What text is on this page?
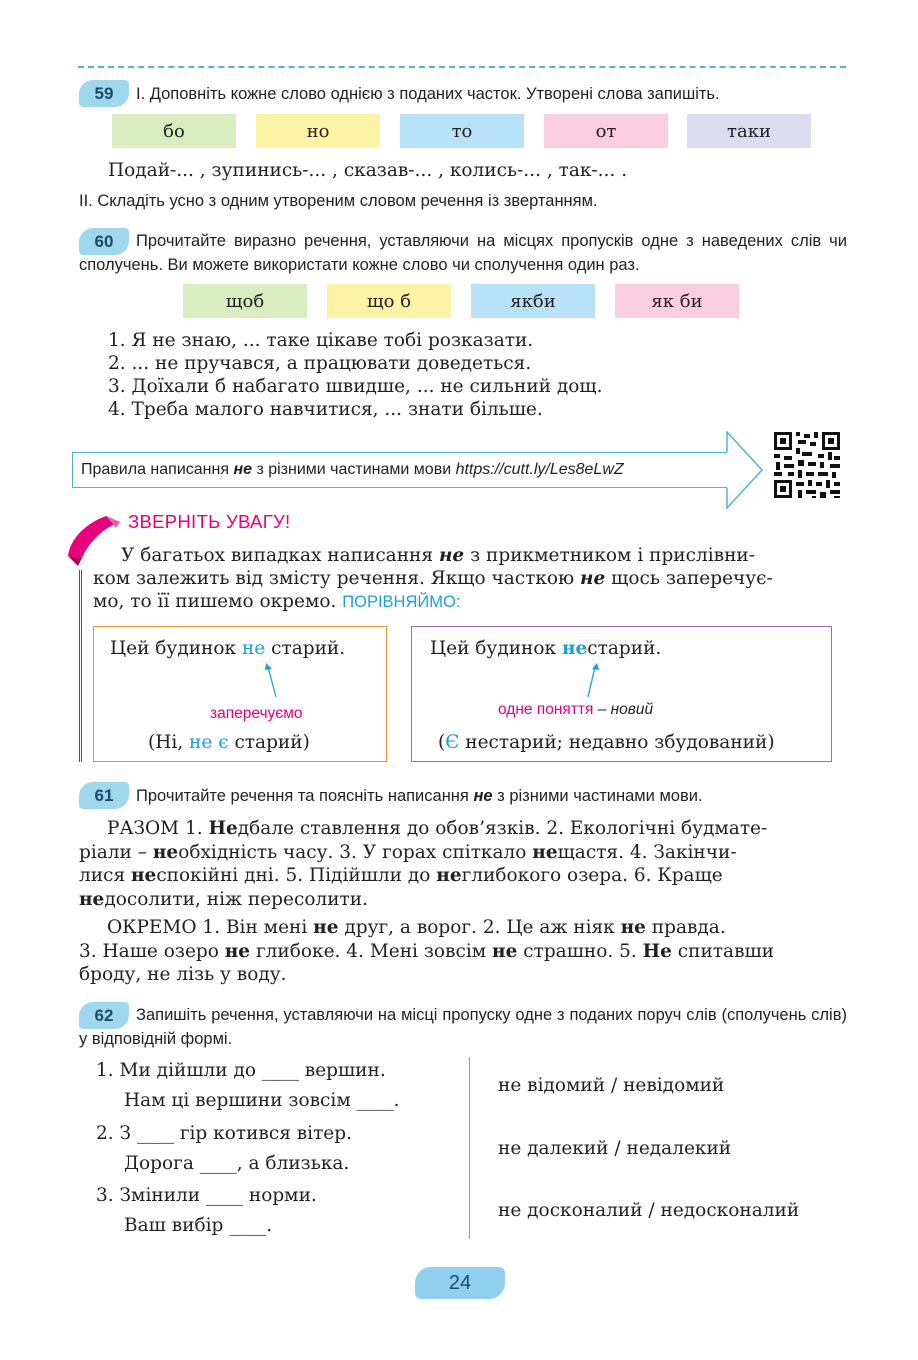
59	І. Доповніть кожне слово однією з поданих часток. Утворені слова запишіть.
бо	но	то	от	таки
Подай-... , зупинись-... , сказав-... , колись-... , так-... .
ІІ. Складіть усно з одним утвореним словом речення із звертанням.
60	Прочитайте виразно речення, уставляючи на місцях пропусків одне з наведених слів чи сполучень. Ви можете використати кожне слово чи сполучення один раз.
щоб	що б	якби	як би
1. Я не знаю, ... таке цікаве тобі розказати.
2. ... не пручався, а працювати доведеться.
3. Доїхали б набагато швидше, ... не сильний дощ.
4. Треба малого навчитися, ... знати більше.
Правила написання не з різними частинами мови https://cutt.ly/Les8eLwZ
ЗВЕРНІТЬ УВАГУ!
У багатьох випадках написання не з прикметником і прислівни-
ком залежить від змісту речення. Якщо часткою не щось заперечує-
мо, то її пишемо окремо. ПОРІВНЯЙМО:
Цей будинок не старий.
заперечуємо
(Ні, не є старий)
Цей будинок нестарий.
одне поняття – новий
(Є нестарий; недавно збудований)
61	Прочитайте речення та поясніть написання не з різними частинами мови.
РАЗОМ 1. Недбале ставлення до обов’язків. 2. Екологічні будмате-
ріали – необхідність часу. 3. У горах спіткало нещастя. 4. Закінчи-
лися неспокійні дні. 5. Підійшли до неглибокого озера. 6. Краще
недосолити, ніж пересолити.
ОКРЕМО 1. Він мені не друг, а ворог. 2. Це аж ніяк не правда.
3. Наше озеро не глибоке. 4. Мені зовсім не страшно. 5. Не спитавши
броду, не лізь у воду.
62	Запишіть речення, уставляючи на місці пропуску одне з поданих поруч слів (сполучень слів) у відповідній формі.
1. Ми дійшли до ____ вершин.
Нам ці вершини зовсім ____.
2. З ____ гір котився вітер.
Дорога ____, а близька.
3. Змінили ____ норми.
Ваш вибір ____.
не відомий / невідомий
не далекий / недалекий
не досконалий / недосконалий
24
